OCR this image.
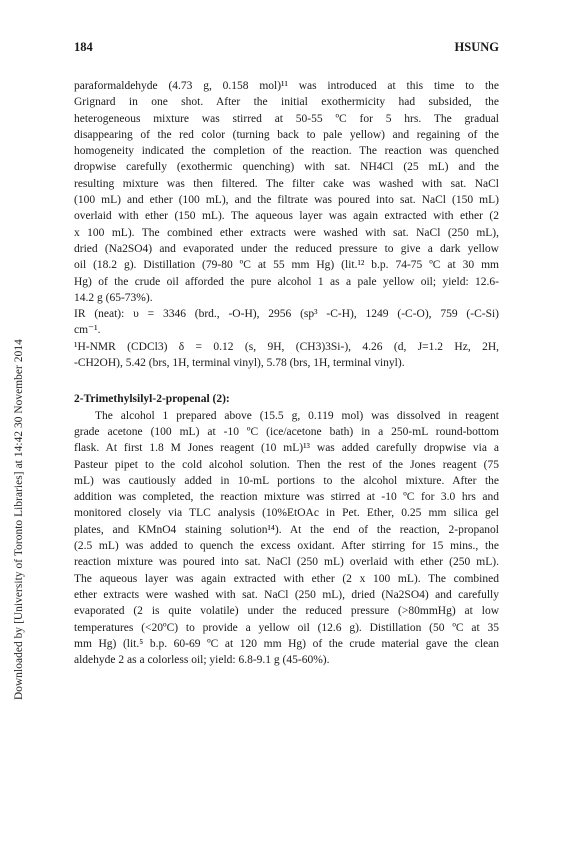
Downloaded by [University of Toronto Libraries] at 14:42 30 November 2014
184	HSUNG
paraformaldehyde (4.73 g, 0.158 mol)¹¹ was introduced at this time to the
Grignard in one shot. After the initial exothermicity had subsided, the
heterogeneous mixture was stirred at 50-55 ºC for 5 hrs. The gradual
disappearing of the red color (turning back to pale yellow) and regaining of the
homogeneity indicated the completion of the reaction. The reaction was quenched
dropwise carefully (exothermic quenching) with sat. NH4Cl (25 mL) and the
resulting mixture was then filtered. The filter cake was washed with sat. NaCl
(100 mL) and ether (100 mL), and the filtrate was poured into sat. NaCl (150 mL)
overlaid with ether (150 mL). The aqueous layer was again extracted with ether (2
x 100 mL). The combined ether extracts were washed with sat. NaCl (250 mL),
dried (Na2SO4) and evaporated under the reduced pressure to give a dark yellow
oil (18.2 g). Distillation (79-80 ºC at 55 mm Hg) (lit.¹² b.p. 74-75 ºC at 30 mm
Hg) of the crude oil afforded the pure alcohol 1 as a pale yellow oil; yield: 12.6-
14.2 g (65-73%).
IR (neat): υ = 3346 (brd., -O-H), 2956 (sp³ -C-H), 1249 (-C-O), 759 (-C-Si)
cm⁻¹.
¹H-NMR (CDCl3) δ = 0.12 (s, 9H, (CH3)3Si-), 4.26 (d, J=1.2 Hz, 2H,
-CH2OH), 5.42 (brs, 1H, terminal vinyl), 5.78 (brs, 1H, terminal vinyl).
2-Trimethylsilyl-2-propenal (2):
The alcohol 1 prepared above (15.5 g, 0.119 mol) was dissolved in reagent
grade acetone (100 mL) at -10 ºC (ice/acetone bath) in a 250-mL round-bottom
flask. At first 1.8 M Jones reagent (10 mL)¹³ was added carefully dropwise via a
Pasteur pipet to the cold alcohol solution. Then the rest of the Jones reagent (75
mL) was cautiously added in 10-mL portions to the alcohol mixture. After the
addition was completed, the reaction mixture was stirred at -10 ºC for 3.0 hrs and
monitored closely via TLC analysis (10%EtOAc in Pet. Ether, 0.25 mm silica gel
plates, and KMnO4 staining solution¹⁴). At the end of the reaction, 2-propanol
(2.5 mL) was added to quench the excess oxidant. After stirring for 15 mins., the
reaction mixture was poured into sat. NaCl (250 mL) overlaid with ether (250 mL).
The aqueous layer was again extracted with ether (2 x 100 mL). The combined
ether extracts were washed with sat. NaCl (250 mL), dried (Na2SO4) and carefully
evaporated (2 is quite volatile) under the reduced pressure (>80mmHg) at low
temperatures (<20ºC) to provide a yellow oil (12.6 g). Distillation (50 ºC at 35
mm Hg) (lit.⁵ b.p. 60-69 ºC at 120 mm Hg) of the crude material gave the clean
aldehyde 2 as a colorless oil; yield: 6.8-9.1 g (45-60%).
